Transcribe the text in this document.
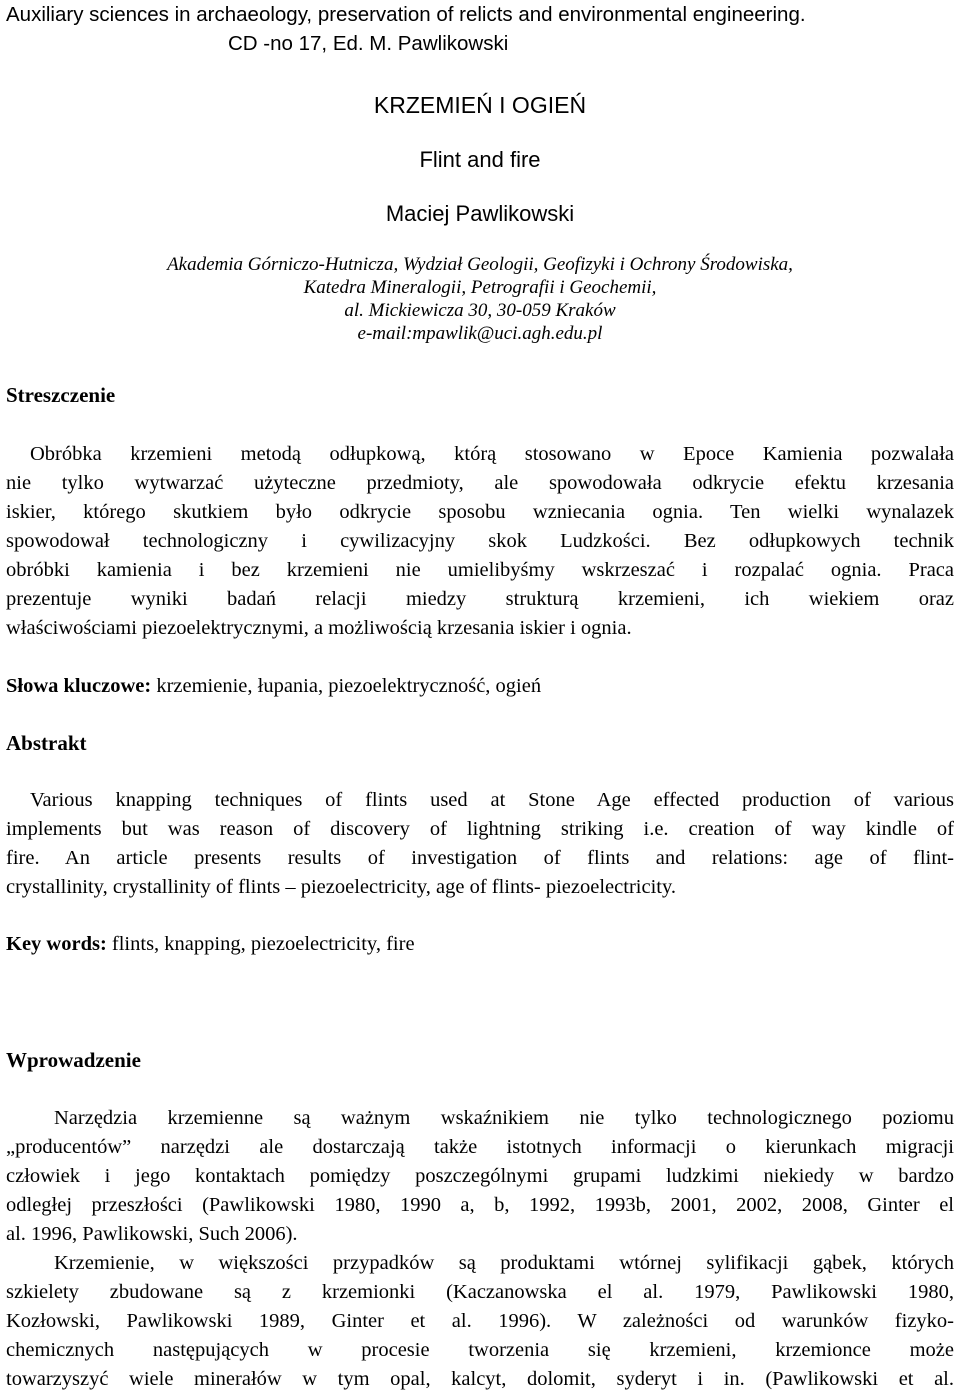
Auxiliary sciences in archaeology, preservation of relicts and environmental engineering.
CD -no 17, Ed. M. Pawlikowski
KRZEMIEŃ I OGIEŃ
Flint and fire
Maciej Pawlikowski
Akademia Górniczo-Hutnicza, Wydział Geologii, Geofizyki i Ochrony Środowiska,
Katedra Mineralogii, Petrografii i Geochemii,
al. Mickiewicza 30, 30-059 Kraków
e-mail:mpawlik@uci.agh.edu.pl
Streszczenie
Obróbka krzemieni metodą odłupkową, którą stosowano w Epoce Kamienia pozwalała
nie tylko wytwarzać użyteczne przedmioty, ale spowodowała odkrycie efektu krzesania
iskier, którego skutkiem było odkrycie sposobu wzniecania ognia. Ten wielki wynalazek
spowodował technologiczny i cywilizacyjny skok Ludzkości. Bez odłupkowych technik
obróbki kamienia i bez krzemieni nie umielibyśmy wskrzeszać i rozpalać ognia. Praca
prezentuje wyniki badań relacji miedzy strukturą krzemieni, ich wiekiem oraz
właściwościami piezoelektrycznymi, a możliwością krzesania iskier i ognia.
Słowa kluczowe: krzemienie, łupania, piezoelektryczność, ogień
Abstrakt
Various knapping techniques of flints used at Stone Age effected production of various
implements but was reason of discovery of lightning striking i.e. creation of way kindle of
fire. An article presents results of investigation of flints and relations: age of flint-
crystallinity, crystallinity of flints – piezoelectricity, age of flints- piezoelectricity.
Key words: flints, knapping, piezoelectricity, fire
Wprowadzenie
Narzędzia krzemienne są ważnym wskaźnikiem nie tylko technologicznego poziomu
„producentów” narzędzi ale dostarczają także istotnych informacji o kierunkach migracji
człowiek i jego kontaktach pomiędzy poszczególnymi grupami ludzkimi niekiedy w bardzo
odległej przeszłości (Pawlikowski 1980, 1990 a, b, 1992, 1993b, 2001, 2002, 2008, Ginter el
al. 1996, Pawlikowski, Such 2006).
Krzemienie, w większości przypadków są produktami wtórnej sylifikacji gąbek, których
szkielety zbudowane są z krzemionki (Kaczanowska el al. 1979, Pawlikowski 1980,
Kozłowski, Pawlikowski 1989, Ginter et al. 1996). W zależności od warunków fizyko-
chemicznych następujących w procesie tworzenia się krzemieni, krzemionce może
towarzyszyć wiele minerałów w tym opal, kalcyt, dolomit, syderyt i in. (Pawlikowski et al.
